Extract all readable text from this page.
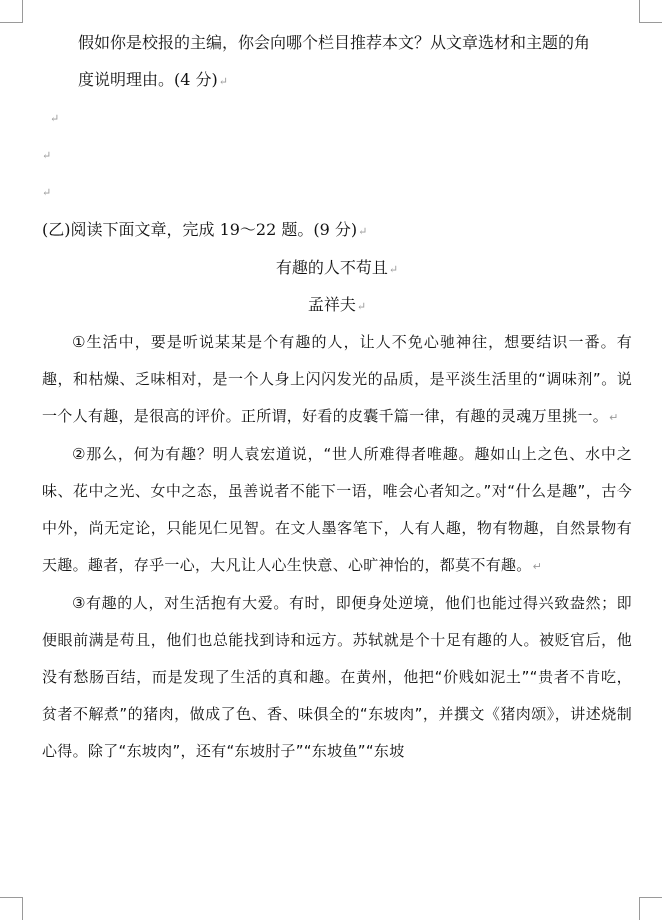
假如你是校报的主编，你会向哪个栏目推荐本文？从文章选材和主题的角
度说明理由。(4 分)↵
↵
↵
↵
(乙)阅读下面文章，完成 19～22 题。(9 分)↵
有趣的人不苟且↵
孟祥夫↵

①生活中，要是听说某某是个有趣的人，让人不免心驰神往，想要结识一番。有趣，和枯燥、乏味相对，是一个人身上闪闪发光的品质，是平淡生活里的“调味剂”。说一个人有趣，是很高的评价。正所谓，好看的皮囊千篇一律，有趣的灵魂万里挑一。↵

②那么，何为有趣？明人袁宏道说，“世人所难得者唯趣。趣如山上之色、水中之味、花中之光、女中之态，虽善说者不能下一语，唯会心者知之。”对“什么是趣”，古今中外，尚无定论，只能见仁见智。在文人墨客笔下，人有人趣，物有物趣，自然景物有天趣。趣者，存乎一心，大凡让人心生快意、心旷神怡的，都莫不有趣。↵

③有趣的人，对生活抱有大爱。有时，即便身处逆境，他们也能过得兴致盎然；即便眼前满是苟且，他们也总能找到诗和远方。苏轼就是个十足有趣的人。被贬官后，他没有愁肠百结，而是发现了生活的真和趣。在黄州，他把“价贱如泥土”“贵者不肯吃，贫者不解煮”的猪肉，做成了色、香、味俱全的“东坡肉”，并撰文《猪肉颂》，讲述烧制心得。除了“东坡肉”，还有“东坡肘子”“东坡鱼”“东坡
